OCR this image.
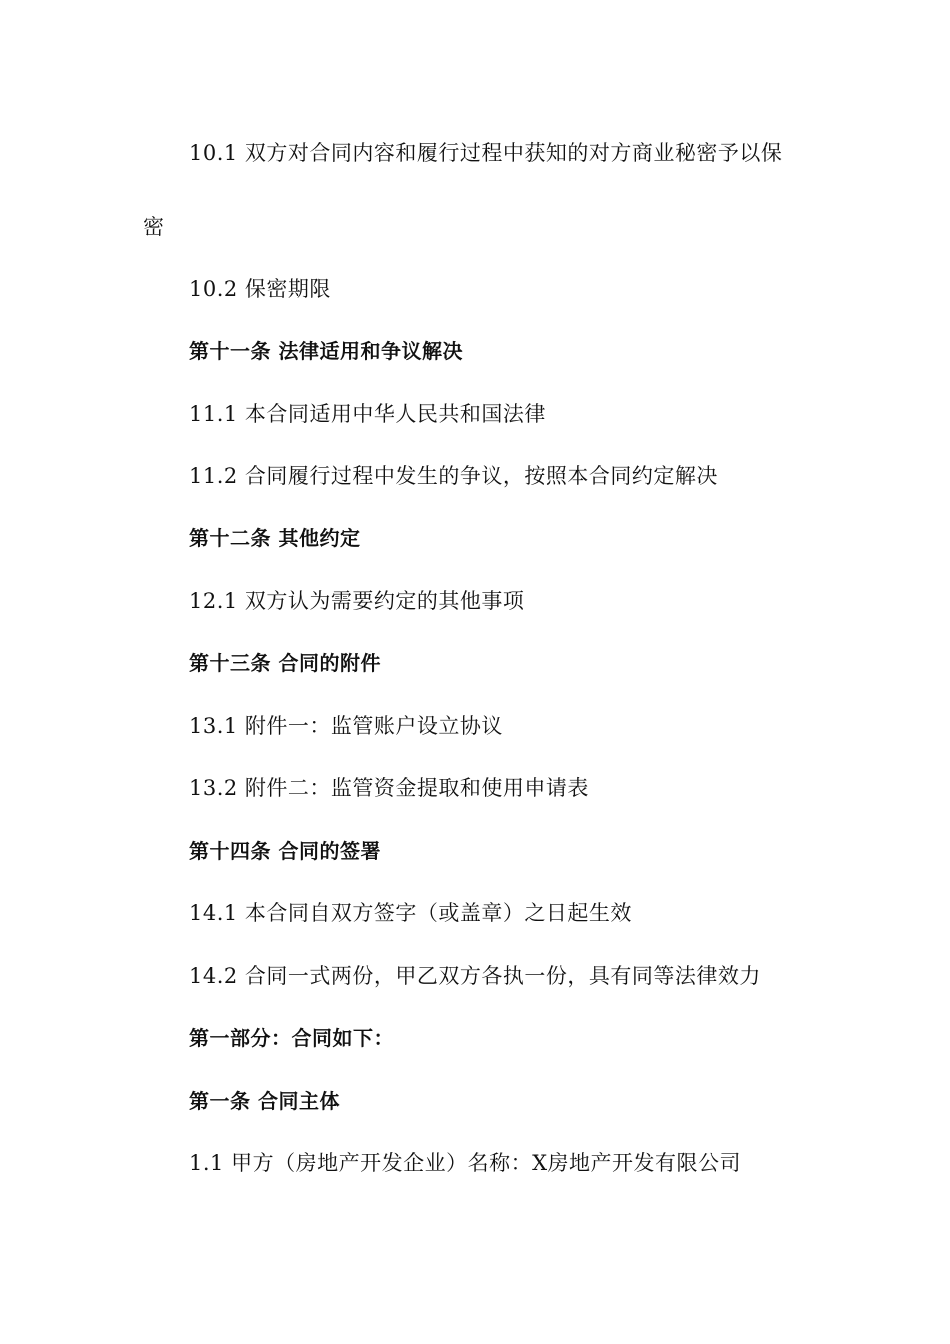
10.1 双方对合同内容和履行过程中获知的对方商业秘密予以保
密
10.2 保密期限
第十一条 法律适用和争议解决
11.1 本合同适用中华人民共和国法律
11.2 合同履行过程中发生的争议，按照本合同约定解决
第十二条 其他约定
12.1 双方认为需要约定的其他事项
第十三条 合同的附件
13.1 附件一：监管账户设立协议
13.2 附件二：监管资金提取和使用申请表
第十四条 合同的签署
14.1 本合同自双方签字（或盖章）之日起生效
14.2 合同一式两份，甲乙双方各执一份，具有同等法律效力
第一部分：合同如下：
第一条 合同主体
1.1 甲方（房地产开发企业）名称：X房地产开发有限公司
